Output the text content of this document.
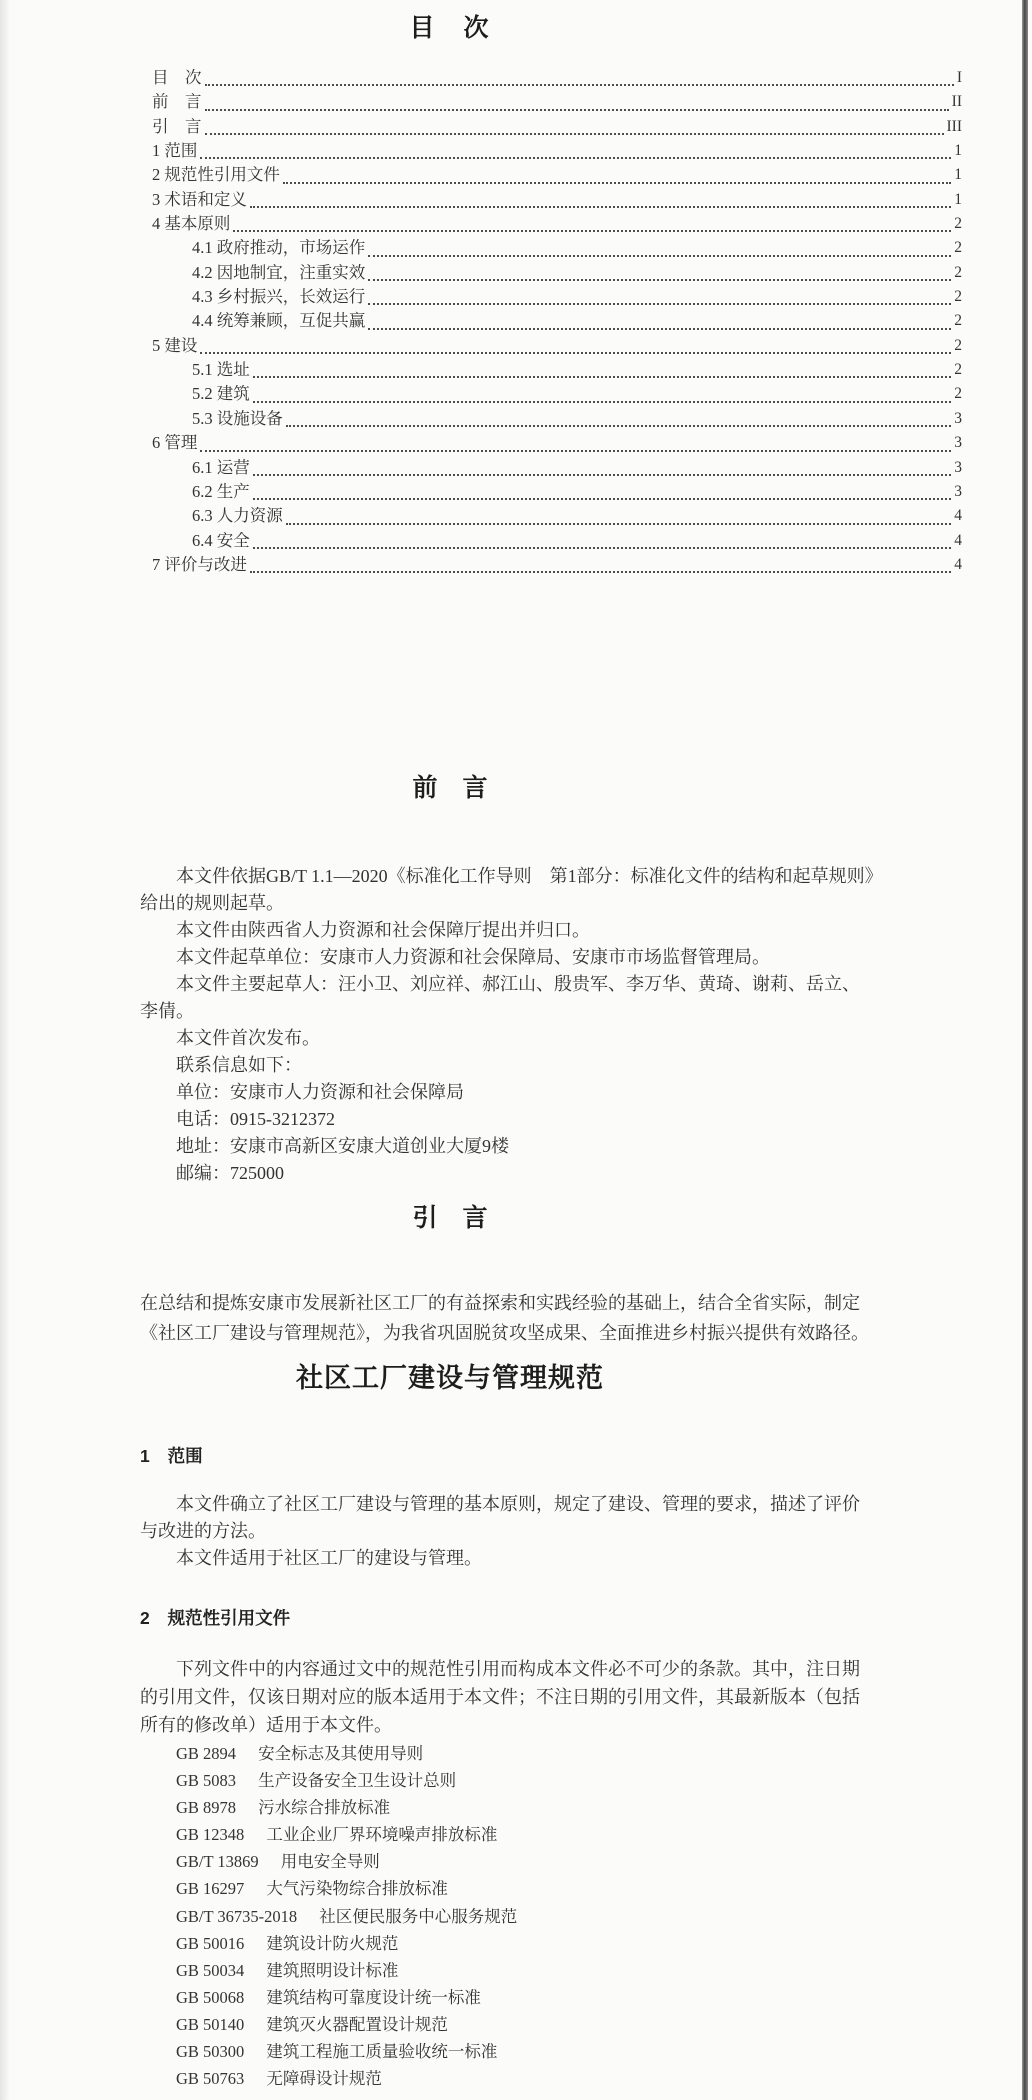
目　次
目　次	I
前　言	II
引　言	III
1 范围	1
2 规范性引用文件	1
3 术语和定义	1
4 基本原则	2
4.1 政府推动，市场运作	2
4.2 因地制宜，注重实效	2
4.3 乡村振兴，长效运行	2
4.4 统筹兼顾，互促共赢	2
5 建设	2
5.1 选址	2
5.2 建筑	2
5.3 设施设备	3
6 管理	3
6.1 运营	3
6.2 生产	3
6.3 人力资源	4
6.4 安全	4
7 评价与改进	4
前　言
　　本文件依据GB/T 1.1—2020《标准化工作导则　第1部分：标准化文件的结构和起草规则》
给出的规则起草。
　　本文件由陕西省人力资源和社会保障厅提出并归口。
　　本文件起草单位：安康市人力资源和社会保障局、安康市市场监督管理局。
　　本文件主要起草人：汪小卫、刘应祥、郝江山、殷贵军、李万华、黄琦、谢莉、岳立、
李倩。
　　本文件首次发布。
　　联系信息如下：
　　单位：安康市人力资源和社会保障局
　　电话：0915-3212372
　　地址：安康市高新区安康大道创业大厦9楼
　　邮编：725000
引　言
在总结和提炼安康市发展新社区工厂的有益探索和实践经验的基础上，结合全省实际，制定
《社区工厂建设与管理规范》，为我省巩固脱贫攻坚成果、全面推进乡村振兴提供有效路径。
社区工厂建设与管理规范
1 范围
　　本文件确立了社区工厂建设与管理的基本原则，规定了建设、管理的要求，描述了评价
与改进的方法。
　　本文件适用于社区工厂的建设与管理。
2 规范性引用文件
　　下列文件中的内容通过文中的规范性引用而构成本文件必不可少的条款。其中，注日期
的引用文件，仅该日期对应的版本适用于本文件；不注日期的引用文件，其最新版本（包括
所有的修改单）适用于本文件。
GB 2894 安全标志及其使用导则
GB 5083 生产设备安全卫生设计总则
GB 8978 污水综合排放标准
GB 12348 工业企业厂界环境噪声排放标准
GB/T 13869 用电安全导则
GB 16297 大气污染物综合排放标准
GB/T 36735-2018 社区便民服务中心服务规范
GB 50016 建筑设计防火规范
GB 50034 建筑照明设计标准
GB 50068 建筑结构可靠度设计统一标准
GB 50140 建筑灭火器配置设计规范
GB 50300 建筑工程施工质量验收统一标准
GB 50763 无障碍设计规范
